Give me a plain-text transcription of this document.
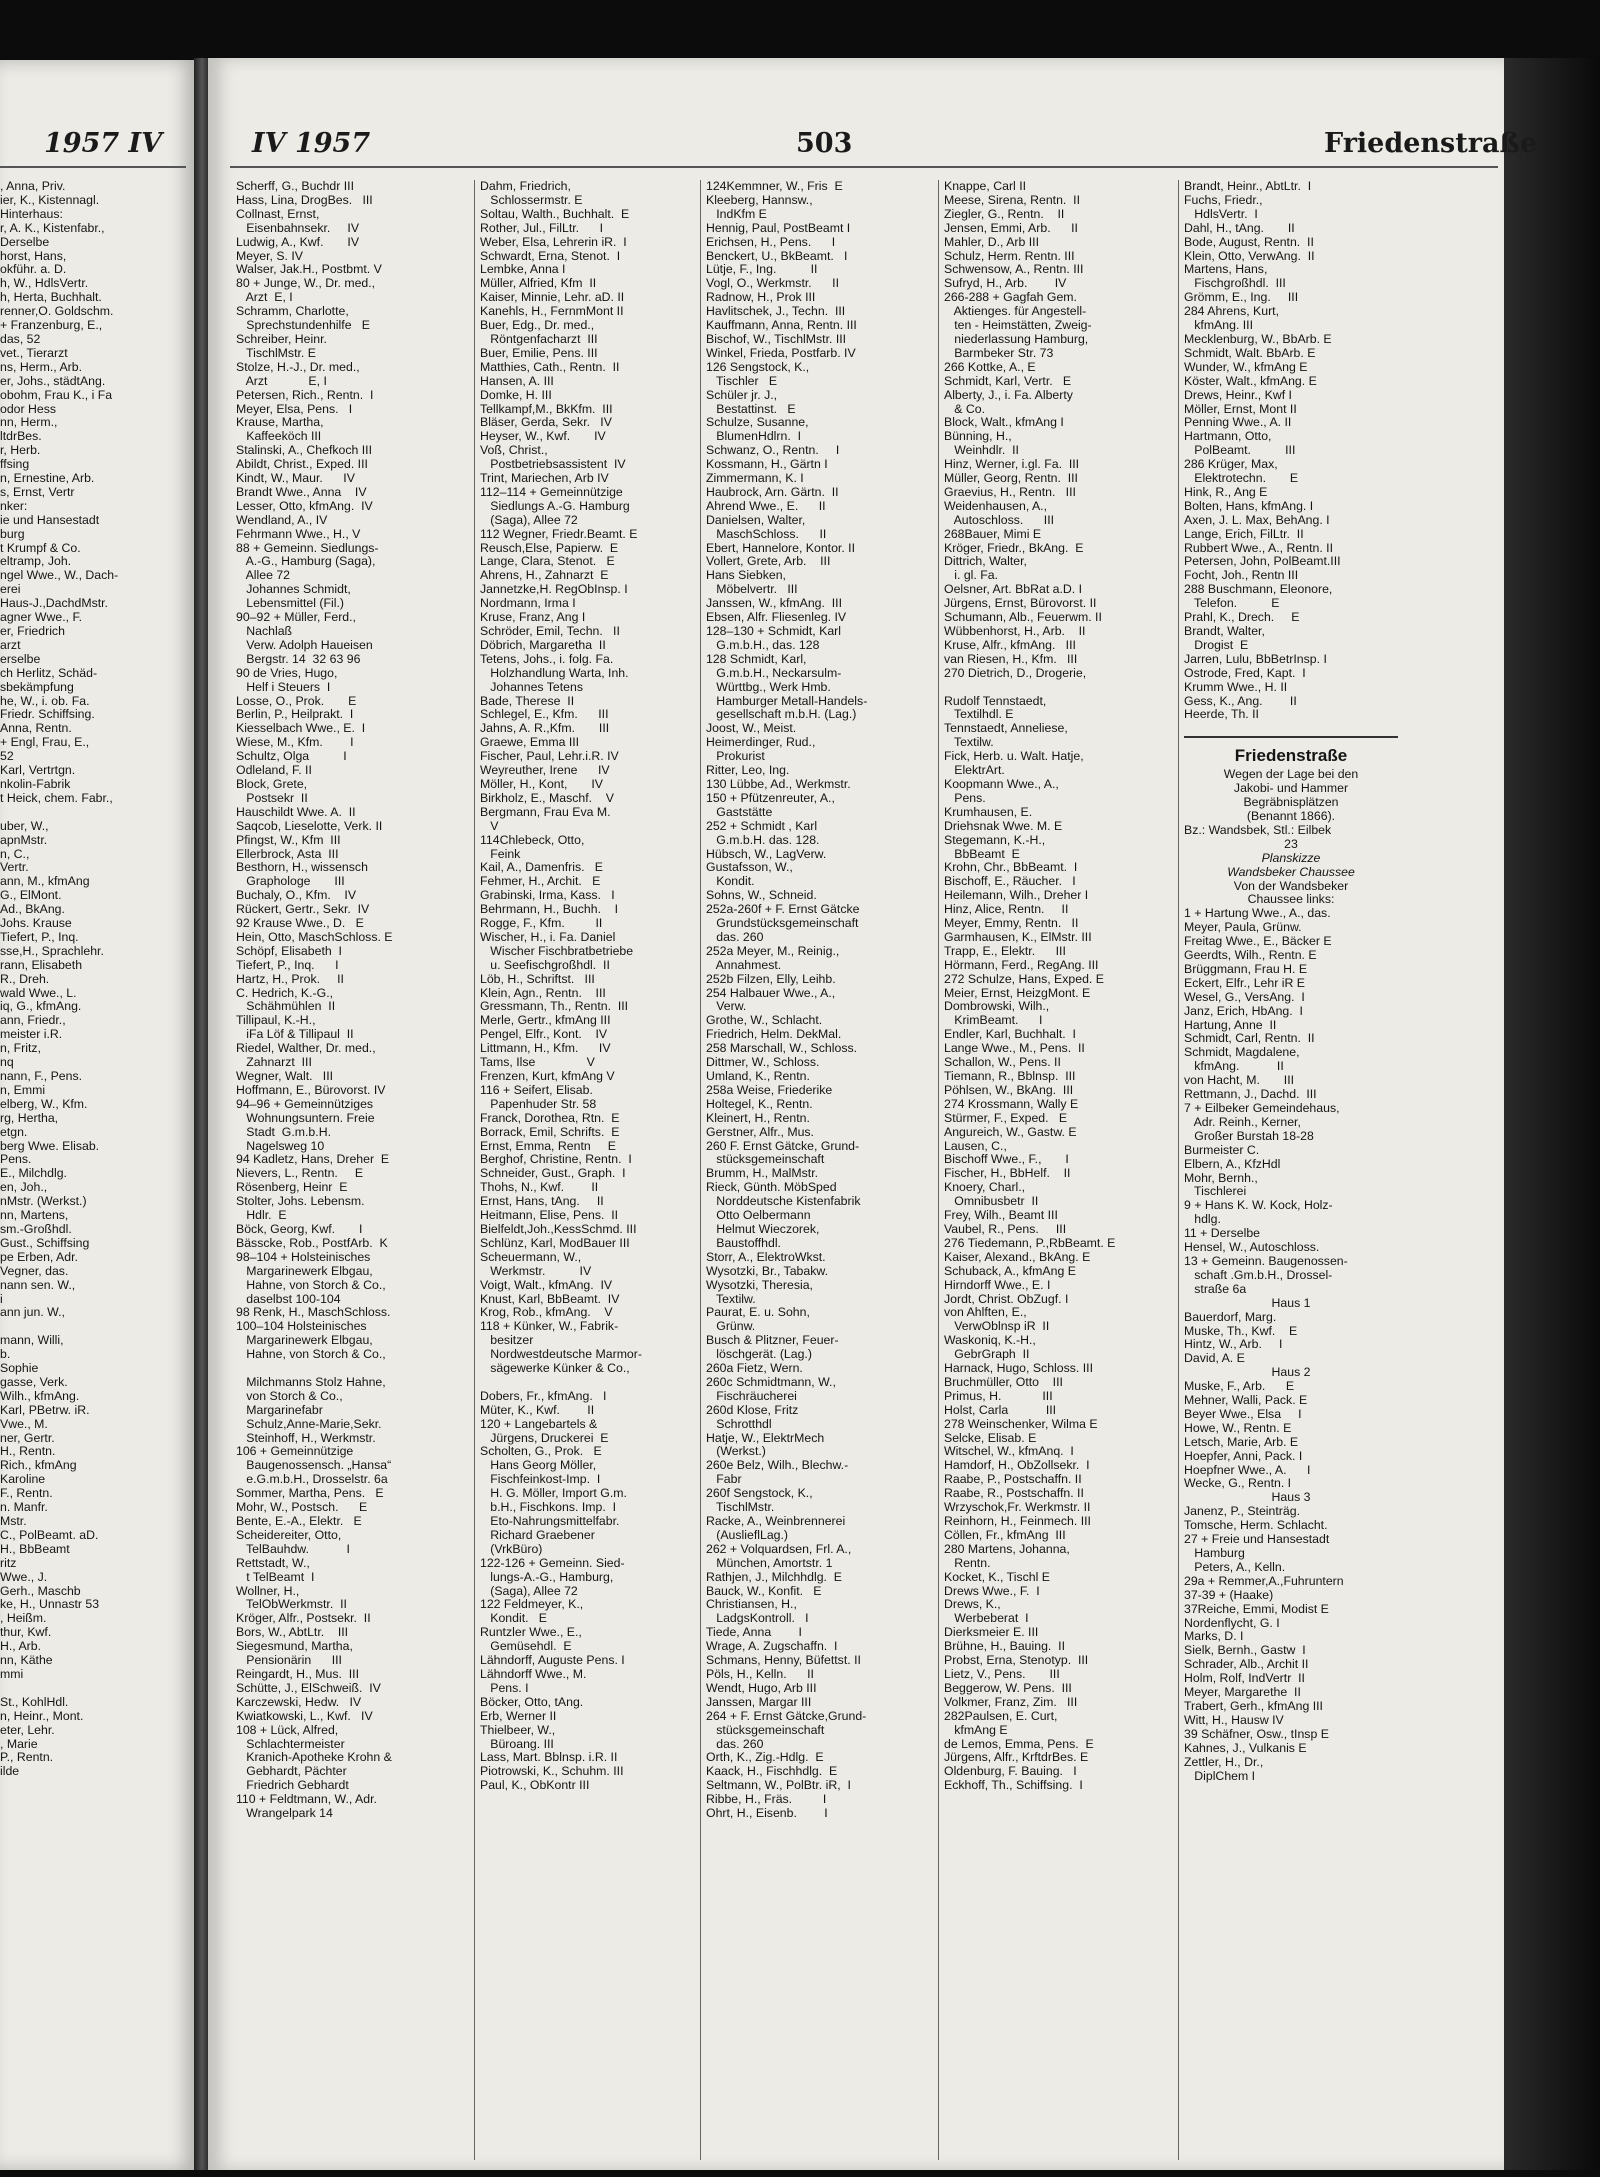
1957 IV	IV 1957	503	Friedenstraße
, Anna, Priv.
ier, K., Kistennagl.
Hinterhaus:
r, A. K., Kistenfabr.,
Derselbe
horst, Hans,
okführ. a. D.
h, W., HdlsVertr.
h, Herta, Buchhalt.
renner,O. Goldschm.
+ Franzenburg, E.,
das, 52
vet., Tierarzt
ns, Herm., Arb.
er, Johs., städtAng.
obohm, Frau K., i Fa
odor Hess
nn, Herm.,
ltdrBes.
r, Herb.
ffsing
n, Ernestine, Arb.
s, Ernst, Vertr
nker:
ie und Hansestadt
burg
t Krumpf & Co.
eltramp, Joh.
ngel Wwe., W., Dach-
erei
Haus-J.,DachdMstr.
agner Wwe., F.
er, Friedrich
arzt
erselbe
ch Herlitz, Schäd-
sbekämpfung
he, W., i. ob. Fa.
Friedr. Schiffsing.
Anna, Rentn.
+ Engl, Frau, E.,
52
Karl, Vertrtgn.
nkolin-Fabrik
t Heick, chem. Fabr.,

uber, W.,
apnMstr.
n, C.,
Vertr.
ann, M., kfmAng
G., ElMont.
Ad., BkAng.
Johs. Krause
Tiefert, P., Inq.
sse,H., Sprachlehr.
rann, Elisabeth
R., Dreh.
wald Wwe., L.
iq, G., kfmAng.
ann, Friedr.,
meister i.R.
n, Fritz,
nq
nann, F., Pens.
n, Emmi
elberg, W., Kfm.
rg, Hertha,
etgn.
berg Wwe. Elisab.
Pens.
E., Milchdlg.
en, Joh.,
nMstr. (Werkst.)
nn, Martens,
sm.-Großhdl.
Gust., Schiffsing
pe Erben, Adr.
Vegner, das.
nann sen. W.,
i
ann jun. W.,

mann, Willi,
b.
Sophie
gasse, Verk.
Wilh., kfmAng.
Karl, PBetrw. iR.
Vwe., M.
ner, Gertr.
H., Rentn.
Rich., kfmAng
Karoline
F., Rentn.
n. Manfr.
Mstr.
C., PolBeamt. aD.
H., BbBeamt
ritz
Wwe., J.
Gerh., Maschb
ke, H., Unnastr 53
, Heißm.
thur, Kwf.
H., Arb.
nn, Käthe
mmi

St., KohlHdl.
n, Heinr., Mont.
eter, Lehr.
, Marie
P., Rentn.
ilde
Scherff, G., Buchdr III
Hass, Lina, DrogBes.   III
Collnast, Ernst,
Eisenbahnsekr.     IV
Ludwig, A., Kwf.       IV
Meyer, S. IV
Walser, Jak.H., Postbmt. V
80 + Junge, W., Dr. med.,
Arzt  E, I
Schramm, Charlotte,
Sprechstundenhilfe   E
Schreiber, Heinr.
TischlMstr. E
Stolze, H.-J., Dr. med.,
Arzt            E, I
Petersen, Rich., Rentn.  I
Meyer, Elsa, Pens.   I
Krause, Martha,
Kaffeeköch III
Stalinski, A., Chefkoch III
Abildt, Christ., Exped. III
Kindt, W., Maur.      IV
Brandt Wwe., Anna    IV
Lesser, Otto, kfmAng.  IV
Wendland, A., IV
Fehrmann Wwe., H., V
88 + Gemeinn. Siedlungs-
A.-G., Hamburg (Saga),
Allee 72
Johannes Schmidt,
Lebensmittel (Fil.)
90–92 + Müller, Ferd.,
Nachlaß
Verw. Adolph Haueisen
Bergstr. 14  32 63 96
90 de Vries, Hugo,
Helf i Steuers  I
Losse, O., Prok.       E
Berlin, P., Heilprakt.  I
Kiesselbach Wwe., E.  I
Wiese, M., Kfm.        I
Schultz, Olga          I
Odleland, F. II
Block, Grete,
Postsekr  II
Hauschildt Wwe. A.  II
Saqcob, Lieselotte, Verk. II
Pfingst, W., Kfm  III
Ellerbrock, Asta  III
Besthorn, H., wissensch
Graphologe       III
Buchaly, O., Kfm.    IV
Rückert, Gertr., Sekr.  IV
92 Krause Wwe., D.   E
Hein, Otto, MaschSchloss. E
Schöpf, Elisabeth  I
Tiefert, P., Inq.      I
Hartz, H., Prok.     II
C. Hedrich, K.-G.,
Schähmühlen  II
Tillipaul, K.-H.,
iFa Löf & Tillipaul  II
Riedel, Walther, Dr. med.,
Zahnarzt  III
Wegner, Walt.   III
Hoffmann, E., Bürovorst. IV
94–96 + Gemeinnütziges
Wohnungsuntern. Freie
Stadt  G.m.b.H.
Nagelsweg 10
94 Kadletz, Hans, Dreher  E
Nievers, L., Rentn.     E
Rösenberg, Heinr  E
Stolter, Johs. Lebensm.
Hdlr.  E
Böck, Georg, Kwf.       I
Bässcke, Rob., PostfArb.  K
98–104 + Holsteinisches
Margarinewerk Elbgau,
Hahne, von Storch & Co.,
daselbst 100-104
98 Renk, H., MaschSchloss.
100–104 Holsteinisches
Margarinewerk Elbgau,
Hahne, von Storch & Co.,

Milchmanns Stolz Hahne,
von Storch & Co.,
Margarinefabr
Schulz,Anne-Marie,Sekr.
Steinhoff, H., Werkmstr.
106 + Gemeinnützige
Baugenossensch. „Hansa“
e.G.m.b.H., Drosselstr. 6a
Sommer, Martha, Pens.   E
Mohr, W., Postsch.      E
Bente, E.-A., Elektr.   E
Scheidereiter, Otto,
TelBauhdw.           I
Rettstadt, W.,
t TelBeamt  I
Wollner, H.,
TelObWerkmstr.  II
Kröger, Alfr., Postsekr.  II
Bors, W., AbtLtr.    III
Siegesmund, Martha,
Pensionärin      III
Reingardt, H., Mus.  III
Schütte, J., ElSchweiß.  IV
Karczewski, Hedw.   IV
Kwiatkowski, L., Kwf.   IV
108 + Lück, Alfred,
Schlachtermeister
Kranich-Apotheke Krohn &
Gebhardt, Pächter
Friedrich Gebhardt
110 + Feldtmann, W., Adr.
Wrangelpark 14
Dahm, Friedrich,
Schlossermstr. E
Soltau, Walth., Buchhalt.  E
Rother, Jul., FilLtr.      I
Weber, Elsa, Lehrerin iR.  I
Schwardt, Erna, Stenot.  I
Lembke, Anna I
Müller, Alfried, Kfm  II
Kaiser, Minnie, Lehr. aD. II
Kanehls, H., FernmMont II
Buer, Edg., Dr. med.,
Röntgenfacharzt  III
Buer, Emilie, Pens. III
Matthies, Cath., Rentn.  II
Hansen, A. III
Domke, H. III
Tellkampf,M., BkKfm.  III
Bläser, Gerda, Sekr.   IV
Heyser, W., Kwf.       IV
Voß, Christ.,
Postbetriebsassistent  IV
Trint, Mariechen, Arb IV
112–114 + Gemeinnützige
Siedlungs A.-G. Hamburg
(Saga), Allee 72
112 Wegner, Friedr.Beamt. E
Reusch,Else, Papierw.  E
Lange, Clara, Stenot.   E
Ahrens, H., Zahnarzt  E
Jannetzke,H. RegObInsp. I
Nordmann, Irma I
Kruse, Franz, Ang I
Schröder, Emil, Techn.   II
Döbrich, Margaretha  II
Tetens, Johs., i. folg. Fa.
Holzhandlung Warta, Inh.
Johannes Tetens
Bade, Therese  II
Schlegel, E., Kfm.      III
Jahns, A. R.,Kfm.       III
Graewe, Emma III
Fischer, Paul, Lehr.i.R. IV
Weyreuther, Irene      IV
Möller, H., Kont,       IV
Birkholz, E., Maschf.    V
Bergmann, Frau Eva M.
V
114Chlebeck, Otto,
Feink
Kail, A., Damenfris.   E
Fehmer, H., Archit.   E
Grabinski, Irma, Kass.   I
Behrmann, H., Buchh.    I
Rogge, F., Kfm.         II
Wischer, H., i. Fa. Daniel
Wischer Fischbratbetriebe
u. Seefischgroßhdl.  II
Löb, H., Schriftst.   III
Klein, Agn., Rentn.    III
Gressmann, Th., Rentn.  III
Merle, Gertr., kfmAng III
Pengel, Elfr., Kont.    IV
Littmann, H., Kfm.      IV
Tams, Ilse               V
Frenzen, Kurt, kfmAng V
116 + Seifert, Elisab.
Papenhuder Str. 58
Franck, Dorothea, Rtn.  E
Borrack, Emil, Schrifts.  E
Ernst, Emma, Rentn     E
Berghof, Christine, Rentn.  I
Schneider, Gust., Graph.  I
Thohs, N., Kwf.        II
Ernst, Hans, tAng.     II
Heitmann, Elise, Pens.  II
Bielfeldt,Joh.,KessSchmd. III
Schlünz, Karl, ModBauer III
Scheuermann, W.,
Werkmstr.          IV
Voigt, Walt., kfmAng.  IV
Knust, Karl, BbBeamt.  IV
Krog, Rob., kfmAng.    V
118 + Künker, W., Fabrik-
besitzer
Nordwestdeutsche Marmor-
sägewerke Künker & Co.,

Dobers, Fr., kfmAng.   I
Müter, K., Kwf.        II
120 + Langebartels &
Jürgens, Druckerei  E
Scholten, G., Prok.   E
Hans Georg Möller,
Fischfeinkost-Imp.  I
H. G. Möller, Import G.m.
b.H., Fischkons. Imp.  I
Eto-Nahrungsmittelfabr.
Richard Graebener
(VrkBüro)
122-126 + Gemeinn. Sied-
lungs-A.-G., Hamburg,
(Saga), Allee 72
122 Feldmeyer, K.,
Kondit.   E
Runtzler Wwe., E.,
Gemüsehdl.  E
Lähndorff, Auguste Pens. I
Lähndorff Wwe., M.
Pens. I
Böcker, Otto, tAng.
Erb, Werner II
Thielbeer, W.,
Büroang. III
Lass, Mart. Bblnsp. i.R. II
Piotrowski, K., Schuhm. III
Paul, K., ObKontr III
124Kemmner, W., Fris  E
Kleeberg, Hannsw.,
IndKfm E
Hennig, Paul, PostBeamt I
Erichsen, H., Pens.      I
Benckert, U., BkBeamt.   I
Lütje, F., Ing.          II
Vogl, O., Werkmstr.      II
Radnow, H., Prok III
Havlitschek, J., Techn.  III
Kauffmann, Anna, Rentn. III
Bischof, W., TischlMstr. III
Winkel, Frieda, Postfarb. IV
126 Sengstock, K.,
Tischler   E
Schüler jr. J.,
Bestattinst.   E
Schulze, Susanne,
BlumenHdlrn.  I
Schwanz, O., Rentn.     I
Kossmann, H., Gärtn I
Zimmermann, K. I
Haubrock, Arn. Gärtn.  II
Ahrend Wwe., E.      II
Danielsen, Walter,
MaschSchloss.      II
Ebert, Hannelore, Kontor. II
Vollert, Grete, Arb.    III
Hans Siebken,
Möbelvertr.   III
Janssen, W., kfmAng.  III
Ebsen, Alfr. Fliesenleg. IV
128–130 + Schmidt, Karl
G.m.b.H., das. 128
128 Schmidt, Karl,
G.m.b.H., Neckarsulm-
Württbg., Werk Hmb.
Hamburger Metall-Handels-
gesellschaft m.b.H. (Lag.)
Joost, W., Meist.
Heimerdinger, Rud.,
Prokurist
Ritter, Leo, Ing.
130 Lübbe, Ad., Werkmstr.
150 + Pfützenreuter, A.,
Gaststätte
252 + Schmidt , Karl
G.m.b.H. das. 128.
Hübsch, W., LagVerw.
Gustafsson, W.,
Kondit.
Sohns, W., Schneid.
252a-260f + F. Ernst Gätcke
Grundstücksgemeinschaft
das. 260
252a Meyer, M., Reinig.,
Annahmest.
252b Filzen, Elly, Leihb.
254 Halbauer Wwe., A.,
Verw.
Grothe, W., Schlacht.
Friedrich, Helm. DekMal.
258 Marschall, W., Schloss.
Dittmer, W., Schloss.
Umland, K., Rentn.
258a Weise, Friederike
Holtegel, K., Rentn.
Kleinert, H., Rentn.
Gerstner, Alfr., Mus.
260 F. Ernst Gätcke, Grund-
stücksgemeinschaft
Brumm, H., MalMstr.
Rieck, Günth. MöbSped
Norddeutsche Kistenfabrik
Otto Oelbermann
Helmut Wieczorek,
Baustoffhdl.
Storr, A., ElektroWkst.
Wysotzki, Br., Tabakw.
Wysotzki, Theresia,
Textilw.
Paurat, E. u. Sohn,
Grünw.
Busch & Plitzner, Feuer-
löschgerät. (Lag.)
260a Fietz, Wern.
260c Schmidtmann, W.,
Fischräucherei
260d Klose, Fritz
Schrotthdl
Hatje, W., ElektrMech
(Werkst.)
260e Belz, Wilh., Blechw.-
Fabr
260f Sengstock, K.,
TischlMstr.
Racke, A., Weinbrennerei
(AuslieflLag.)
262 + Volquardsen, Frl. A.,
München, Amortstr. 1
Rathjen, J., Milchhdlg.  E
Bauck, W., Konfit.   E
Christiansen, H.,
LadgsKontroll.   I
Tiede, Anna        I
Wrage, A. Zugschaffn.  I
Schmans, Henny, Büfettst. II
Pöls, H., Kelln.      II
Wendt, Hugo, Arb III
Janssen, Margar III
264 + F. Ernst Gätcke,Grund-
stücksgemeinschaft
das. 260
Orth, K., Zig.-Hdlg.  E
Kaack, H., Fischhdlg.  E
Seltmann, W., PolBtr. iR,  I
Ribbe, H., Fräs.         I
Ohrt, H., Eisenb.        I
Knappe, Carl II
Meese, Sirena, Rentn.  II
Ziegler, G., Rentn.    II
Jensen, Emmi, Arb.      II
Mahler, D., Arb III
Schulz, Herm. Rentn. III
Schwensow, A., Rentn. III
Sufryd, H., Arb.        IV
266-288 + Gagfah Gem.
Aktienges. für Angestell-
ten - Heimstätten, Zweig-
niederlassung Hamburg,
Barmbeker Str. 73
266 Kottke, A., E
Schmidt, Karl, Vertr.   E
Alberty, J., i. Fa. Alberty
& Co.
Block, Walt., kfmAng I
Bünning, H.,
Weinhdlr.  II
Hinz, Werner, i.gl. Fa.  III
Müller, Georg, Rentn.  III
Graevius, H., Rentn.   III
Weidenhausen, A.,
Autoschloss.      III
268Bauer, Mimi E
Kröger, Friedr., BkAng.  E
Dittrich, Walter,
i. gl. Fa.
Oelsner, Art. BbRat a.D. I
Jürgens, Ernst, Bürovorst. II
Schumann, Alb., Feuerwm. II
Wübbenhorst, H., Arb.    II
Kruse, Alfr., kfmAng.   III
van Riesen, H., Kfm.   III
270 Dietrich, D., Drogerie,

Rudolf Tennstaedt,
Textilhdl. E
Tennstaedt, Anneliese,
Textilw.
Fick, Herb. u. Walt. Hatje,
ElektrArt.
Koopmann Wwe., A.,
Pens.
Krumhausen, E.
Driehsnak Wwe. M. E
Stegemann, K.-H.,
BbBeamt  E
Krohn, Chr., BbBeamt.  I
Bischoff, E., Räucher.   I
Heilemann, Wilh., Dreher I
Hinz, Alice, Rentn.     II
Meyer, Emmy, Rentn.   II
Garmhausen, K., ElMstr. III
Trapp, E., Elektr.      III
Hörmann, Ferd., RegAng. III
272 Schulze, Hans, Exped. E
Meier, Ernst, HeizgMont. E
Dombrowski, Wilh.,
KrimBeamt.      I
Endler, Karl, Buchhalt.  I
Lange Wwe., M., Pens.  II
Schallon, W., Pens. II
Tiemann, R., Bblnsp.  III
Pöhlsen, W., BkAng.  III
274 Krossmann, Wally E
Stürmer, F., Exped.   E
Angureich, W., Gastw. E
Lausen, C.,
Bischoff Wwe., F.,       I
Fischer, H., BbHelf.    II
Knoery, Charl.,
Omnibusbetr  II
Frey, Wilh., Beamt III
Vaubel, R., Pens.     III
276 Tiedemann, P.,RbBeamt. E
Kaiser, Alexand., BkAng. E
Schuback, A., kfmAng E
Hirndorff Wwe., E. I
Jordt, Christ. ObZugf. I
von Ahlften, E.,
VerwOblnsp iR  II
Waskoniq, K.-H.,
GebrGraph  II
Harnack, Hugo, Schloss. III
Bruchmüller, Otto    III
Primus, H.            III
Holst, Carla           III
278 Weinschenker, Wilma E
Selcke, Elisab. E
Witschel, W., kfmAnq.  I
Hamdorf, H., ObZollsekr.  I
Raabe, P., Postschaffn. II
Raabe, R., Postschaffn. II
Wrzyschok,Fr. Werkmstr. II
Reinhorn, H., Feinmech. III
Cöllen, Fr., kfmAng  III
280 Martens, Johanna,
Rentn.
Kocket, K., Tischl E
Drews Wwe., F.  I
Drews, K.,
Werbeberat  I
Dierksmeier E. III
Brühne, H., Bauing.  II
Probst, Erna, Stenotyp.  III
Lietz, V., Pens.       III
Beggerow, W. Pens.  III
Volkmer, Franz, Zim.   III
282Paulsen, E. Curt,
kfmAng E
de Lemos, Emma, Pens.  E
Jürgens, Alfr., KrftdrBes. E
Oldenburg, F. Bauing.   I
Eckhoff, Th., Schiffsing.  I
Brandt, Heinr., AbtLtr.  I
Fuchs, Friedr.,
HdlsVertr.  I
Dahl, H., tAng.       II
Bode, August, Rentn.  II
Klein, Otto, VerwAng.  II
Martens, Hans,
Fischgroßhdl.  III
Grömm, E., Ing.     III
284 Ahrens, Kurt,
kfmAng. III
Mecklenburg, W., BbArb. E
Schmidt, Walt. BbArb. E
Wunder, W., kfmAng E
Köster, Walt., kfmAng. E
Drews, Heinr., Kwf I
Möller, Ernst, Mont II
Penning Wwe., A. II
Hartmann, Otto,
PolBeamt.          III
286 Krüger, Max,
Elektrotechn.       E
Hink, R., Ang E
Bolten, Hans, kfmAng. I
Axen, J. L. Max, BehAng. I
Lange, Erich, FilLtr.  II
Rubbert Wwe., A., Rentn. II
Petersen, John, PolBeamt.III
Focht, Joh., Rentn III
288 Buschmann, Eleonore,
Telefon.          E
Prahl, K., Drech.     E
Brandt, Walter,
Drogist  E
Jarren, Lulu, BbBetrInsp. I
Ostrode, Fred, Kapt.  I
Krumm Wwe., H. II
Gess, K., Ang.        II
Heerde, Th. II

Friedenstraße
Wegen der Lage bei den
Jakobi- und Hammer
Begräbnisplätzen
(Benannt 1866).
Bz.: Wandsbek, Stl.: Eilbek
23
Planskizze
Wandsbeker Chaussee
Von der Wandsbeker
Chaussee links:
1 + Hartung Wwe., A., das.
Meyer, Paula, Grünw.
Freitag Wwe., E., Bäcker E
Geerdts, Wilh., Rentn. E
Brüggmann, Frau H. E
Eckert, Elfr., Lehr iR E
Wesel, G., VersAng.  I
Janz, Erich, HbAng.  I
Hartung, Anne  II
Schmidt, Carl, Rentn.  II
Schmidt, Magdalene,
kfmAng.           II
von Hacht, M.       III
Rettmann, J., Dachd.  III
7 + Eilbeker Gemeindehaus,
Adr. Reinh., Kerner,
Großer Burstah 18-28
Burmeister C.
Elbern, A., KfzHdl
Mohr, Bernh.,
Tischlerei
9 + Hans K. W. Kock, Holz-
hdlg.
11 + Derselbe
Hensel, W., Autoschloss.
13 + Gemeinn. Baugenossen-
schaft .Gm.b.H., Drossel-
straße 6a
Haus 1
Bauerdorf, Marg.
Muske, Th., Kwf.    E
Hintz, W., Arb.     I
David, A. E
Haus 2
Muske, F., Arb.      E
Mehner, Walli, Pack. E
Beyer Wwe., Elsa     I
Howe, W., Rentn. E
Letsch, Marie, Arb. E
Hoepfer, Anni, Pack. I
Hoepfner Wwe., A.      I
Wecke, G., Rentn. I
Haus 3
Janenz, P., Steinträg.
Tomsche, Herm. Schlacht.
27 + Freie und Hansestadt
Hamburg
Peters, A., Kelln.
29a + Remmer,A.,Fuhruntern
37-39 + (Haake)
37Reiche, Emmi, Modist E
Nordenflycht, G. I
Marks, D. I
Sielk, Bernh., Gastw  I
Schrader, Alb., Archit II
Holm, Rolf, IndVertr  II
Meyer, Margarethe  II
Trabert, Gerh., kfmAng III
Witt, H., Hausw IV
39 Schäfner, Osw., tInsp E
Kahnes, J., Vulkanis E
Zettler, H., Dr.,
DiplChem I
